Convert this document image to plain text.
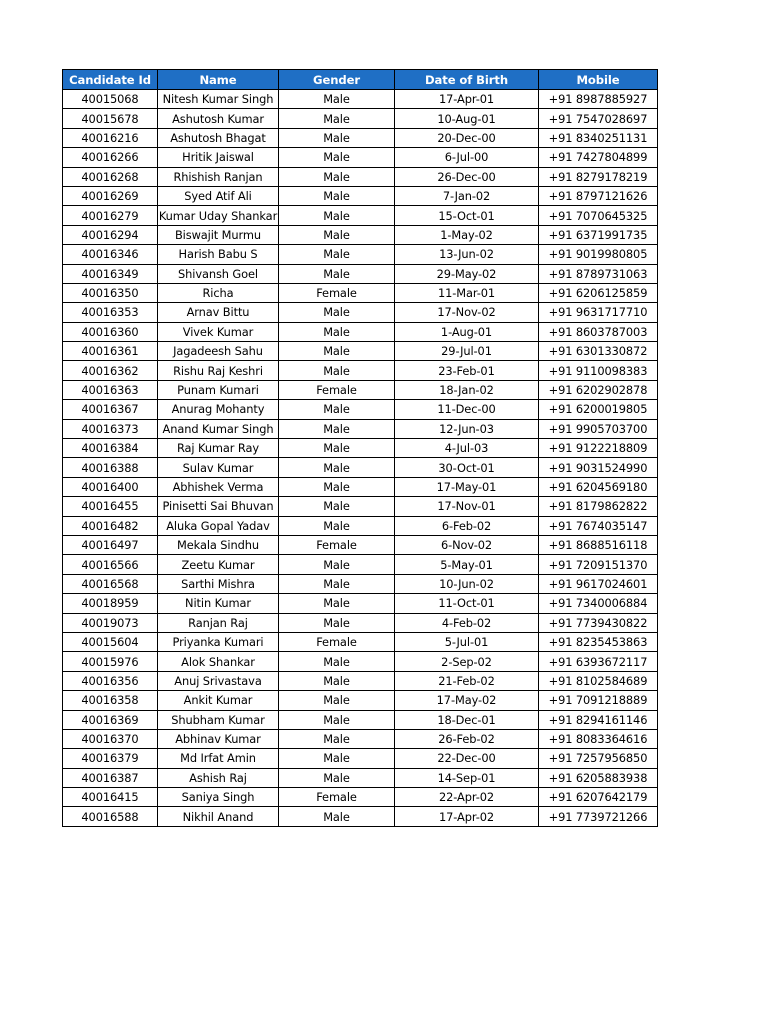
Candidate Id	Name	Gender	Date of Birth	Mobile
40015068	Nitesh Kumar Singh	Male	17-Apr-01	+91 8987885927
40015678	Ashutosh Kumar	Male	10-Aug-01	+91 7547028697
40016216	Ashutosh Bhagat	Male	20-Dec-00	+91 8340251131
40016266	Hritik Jaiswal	Male	6-Jul-00	+91 7427804899
40016268	Rhishish Ranjan	Male	26-Dec-00	+91 8279178219
40016269	Syed Atif Ali	Male	7-Jan-02	+91 8797121626
40016279	Kumar Uday Shankar	Male	15-Oct-01	+91 7070645325
40016294	Biswajit Murmu	Male	1-May-02	+91 6371991735
40016346	Harish Babu S	Male	13-Jun-02	+91 9019980805
40016349	Shivansh Goel	Male	29-May-02	+91 8789731063
40016350	Richa	Female	11-Mar-01	+91 6206125859
40016353	Arnav Bittu	Male	17-Nov-02	+91 9631717710
40016360	Vivek Kumar	Male	1-Aug-01	+91 8603787003
40016361	Jagadeesh Sahu	Male	29-Jul-01	+91 6301330872
40016362	Rishu Raj Keshri	Male	23-Feb-01	+91 9110098383
40016363	Punam Kumari	Female	18-Jan-02	+91 6202902878
40016367	Anurag Mohanty	Male	11-Dec-00	+91 6200019805
40016373	Anand Kumar Singh	Male	12-Jun-03	+91 9905703700
40016384	Raj Kumar Ray	Male	4-Jul-03	+91 9122218809
40016388	Sulav Kumar	Male	30-Oct-01	+91 9031524990
40016400	Abhishek Verma	Male	17-May-01	+91 6204569180
40016455	Pinisetti Sai Bhuvan	Male	17-Nov-01	+91 8179862822
40016482	Aluka Gopal Yadav	Male	6-Feb-02	+91 7674035147
40016497	Mekala Sindhu	Female	6-Nov-02	+91 8688516118
40016566	Zeetu Kumar	Male	5-May-01	+91 7209151370
40016568	Sarthi Mishra	Male	10-Jun-02	+91 9617024601
40018959	Nitin Kumar	Male	11-Oct-01	+91 7340006884
40019073	Ranjan Raj	Male	4-Feb-02	+91 7739430822
40015604	Priyanka Kumari	Female	5-Jul-01	+91 8235453863
40015976	Alok Shankar	Male	2-Sep-02	+91 6393672117
40016356	Anuj Srivastava	Male	21-Feb-02	+91 8102584689
40016358	Ankit Kumar	Male	17-May-02	+91 7091218889
40016369	Shubham Kumar	Male	18-Dec-01	+91 8294161146
40016370	Abhinav Kumar	Male	26-Feb-02	+91 8083364616
40016379	Md Irfat Amin	Male	22-Dec-00	+91 7257956850
40016387	Ashish Raj	Male	14-Sep-01	+91 6205883938
40016415	Saniya Singh	Female	22-Apr-02	+91 6207642179
40016588	Nikhil Anand	Male	17-Apr-02	+91 7739721266
